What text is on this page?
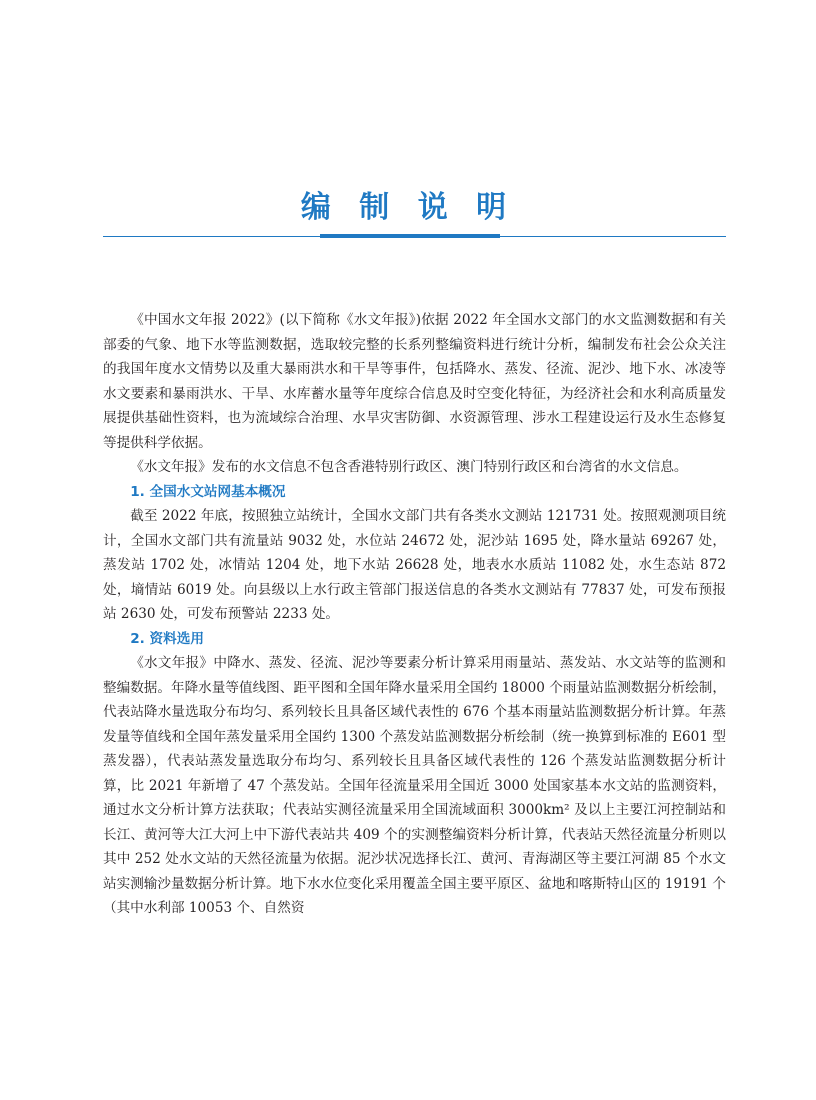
编 制 说 明

《中国水文年报 2022》(以下简称《水文年报》)依据 2022 年全国水文部门的水文监测数据和有关部委的气象、地下水等监测数据，选取较完整的长系列整编资料进行统计分析，编制发布社会公众关注的我国年度水文情势以及重大暴雨洪水和干旱等事件，包括降水、蒸发、径流、泥沙、地下水、冰凌等水文要素和暴雨洪水、干旱、水库蓄水量等年度综合信息及时空变化特征，为经济社会和水利高质量发展提供基础性资料，也为流域综合治理、水旱灾害防御、水资源管理、涉水工程建设运行及水生态修复等提供科学依据。

《水文年报》发布的水文信息不包含香港特别行政区、澳门特别行政区和台湾省的水文信息。

1. 全国水文站网基本概况

截至 2022 年底，按照独立站统计，全国水文部门共有各类水文测站 121731 处。按照观测项目统计，全国水文部门共有流量站 9032 处，水位站 24672 处，泥沙站 1695 处，降水量站 69267 处，蒸发站 1702 处，冰情站 1204 处，地下水站 26628 处，地表水水质站 11082 处，水生态站 872 处，墒情站 6019 处。向县级以上水行政主管部门报送信息的各类水文测站有 77837 处，可发布预报站 2630 处，可发布预警站 2233 处。

2. 资料选用

《水文年报》中降水、蒸发、径流、泥沙等要素分析计算采用雨量站、蒸发站、水文站等的监测和整编数据。年降水量等值线图、距平图和全国年降水量采用全国约 18000 个雨量站监测数据分析绘制，代表站降水量选取分布均匀、系列较长且具备区域代表性的 676 个基本雨量站监测数据分析计算。年蒸发量等值线和全国年蒸发量采用全国约 1300 个蒸发站监测数据分析绘制（统一换算到标准的 E601 型蒸发器），代表站蒸发量选取分布均匀、系列较长且具备区域代表性的 126 个蒸发站监测数据分析计算，比 2021 年新增了 47 个蒸发站。全国年径流量采用全国近 3000 处国家基本水文站的监测资料，通过水文分析计算方法获取；代表站实测径流量采用全国流域面积 3000km² 及以上主要江河控制站和长江、黄河等大江大河上中下游代表站共 409 个的实测整编资料分析计算，代表站天然径流量分析则以其中 252 处水文站的天然径流量为依据。泥沙状况选择长江、黄河、青海湖区等主要江河湖 85 个水文站实测输沙量数据分析计算。地下水水位变化采用覆盖全国主要平原区、盆地和喀斯特山区的 19191 个（其中水利部 10053 个、自然资
